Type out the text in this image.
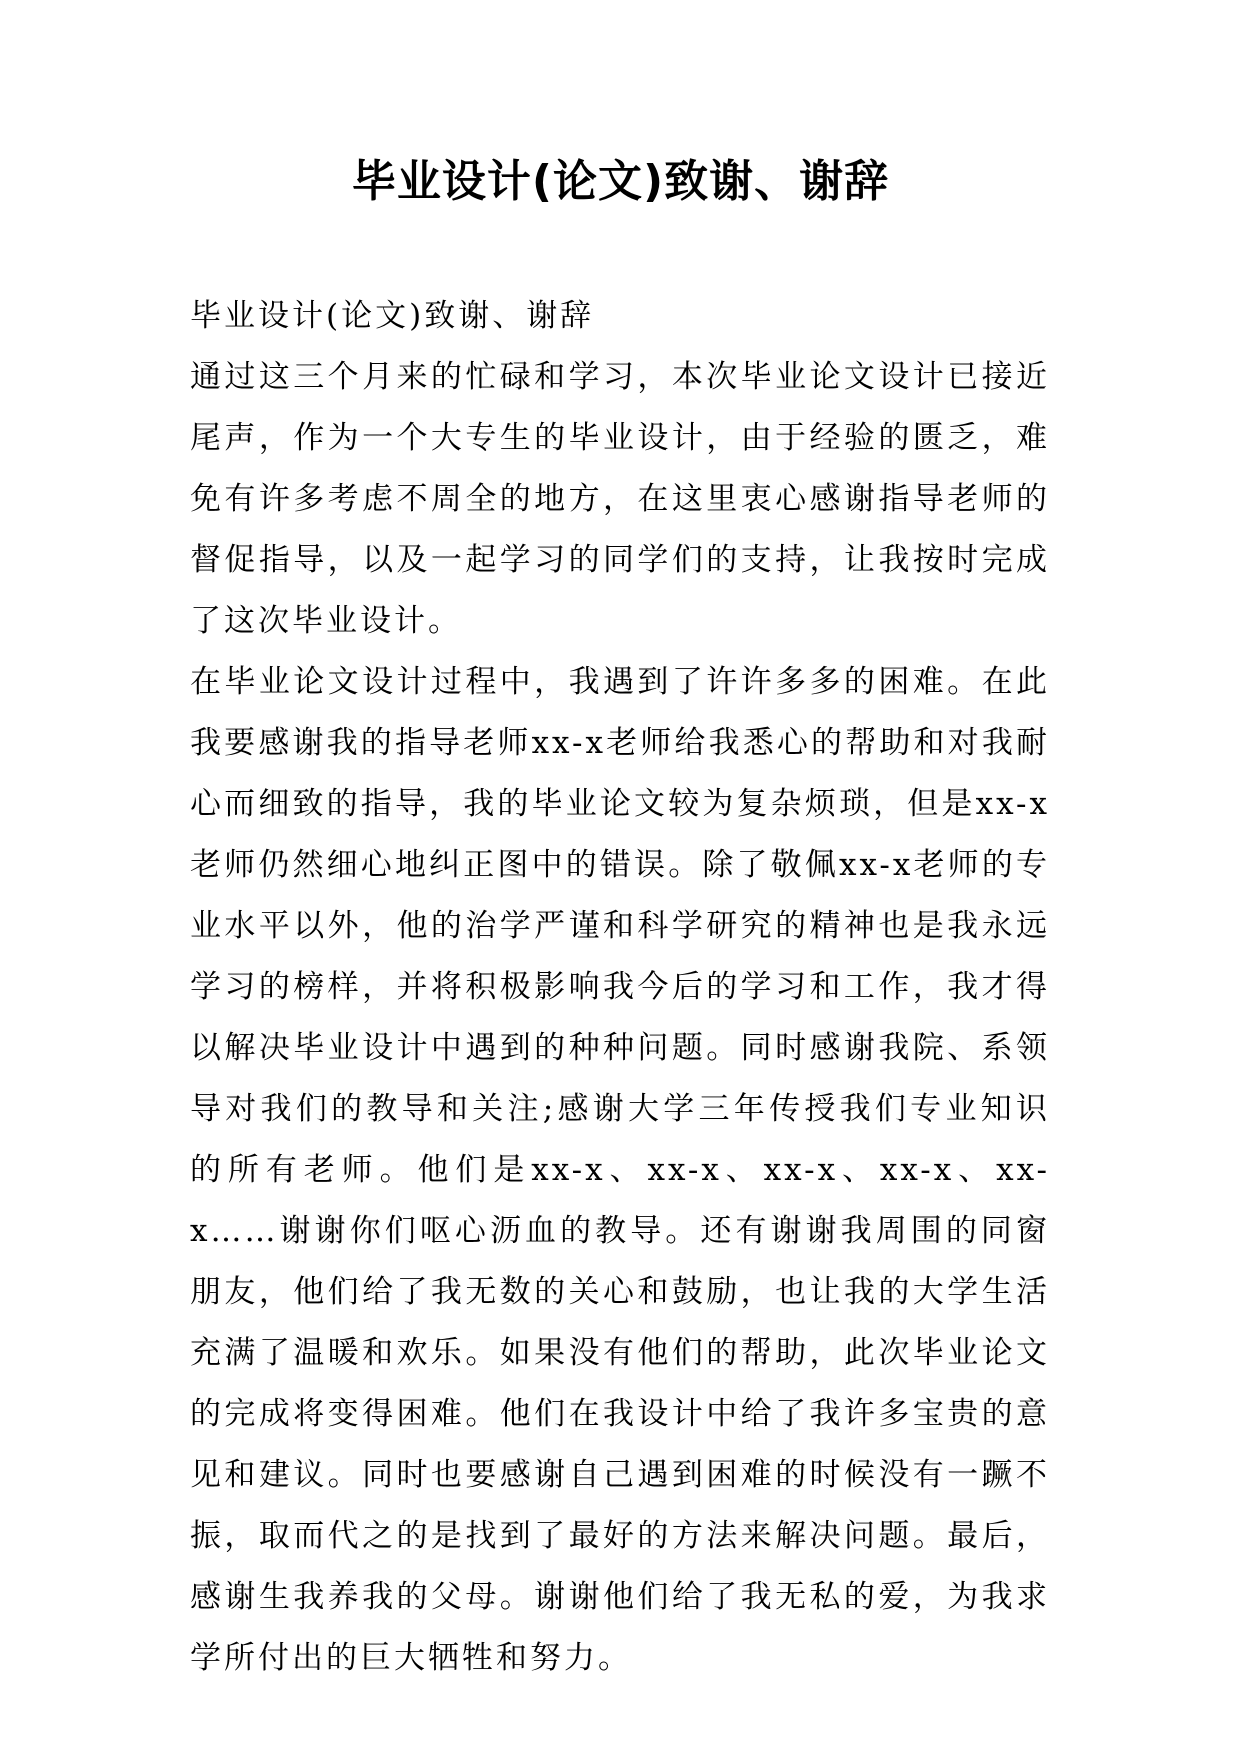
毕业设计(论文)致谢、谢辞

毕业设计(论文)致谢、谢辞

通过这三个月来的忙碌和学习，本次毕业论文设计已接近尾声，作为一个大专生的毕业设计，由于经验的匮乏，难免有许多考虑不周全的地方，在这里衷心感谢指导老师的督促指导，以及一起学习的同学们的支持，让我按时完成了这次毕业设计。

在毕业论文设计过程中，我遇到了许许多多的困难。在此我要感谢我的指导老师xx-x老师给我悉心的帮助和对我耐心而细致的指导，我的毕业论文较为复杂烦琐，但是xx-x老师仍然细心地纠正图中的错误。除了敬佩xx-x老师的专业水平以外，他的治学严谨和科学研究的精神也是我永远学习的榜样，并将积极影响我今后的学习和工作，我才得以解决毕业设计中遇到的种种问题。同时感谢我院、系领导对我们的教导和关注;感谢大学三年传授我们专业知识的所有老师。他们是xx-x、xx-x、xx-x、xx-x、xx-x……谢谢你们呕心沥血的教导。还有谢谢我周围的同窗朋友，他们给了我无数的关心和鼓励，也让我的大学生活充满了温暖和欢乐。如果没有他们的帮助，此次毕业论文的完成将变得困难。他们在我设计中给了我许多宝贵的意见和建议。同时也要感谢自己遇到困难的时候没有一蹶不振，取而代之的是找到了最好的方法来解决问题。最后，感谢生我养我的父母。谢谢他们给了我无私的爱，为我求学所付出的巨大牺牲和努力。
